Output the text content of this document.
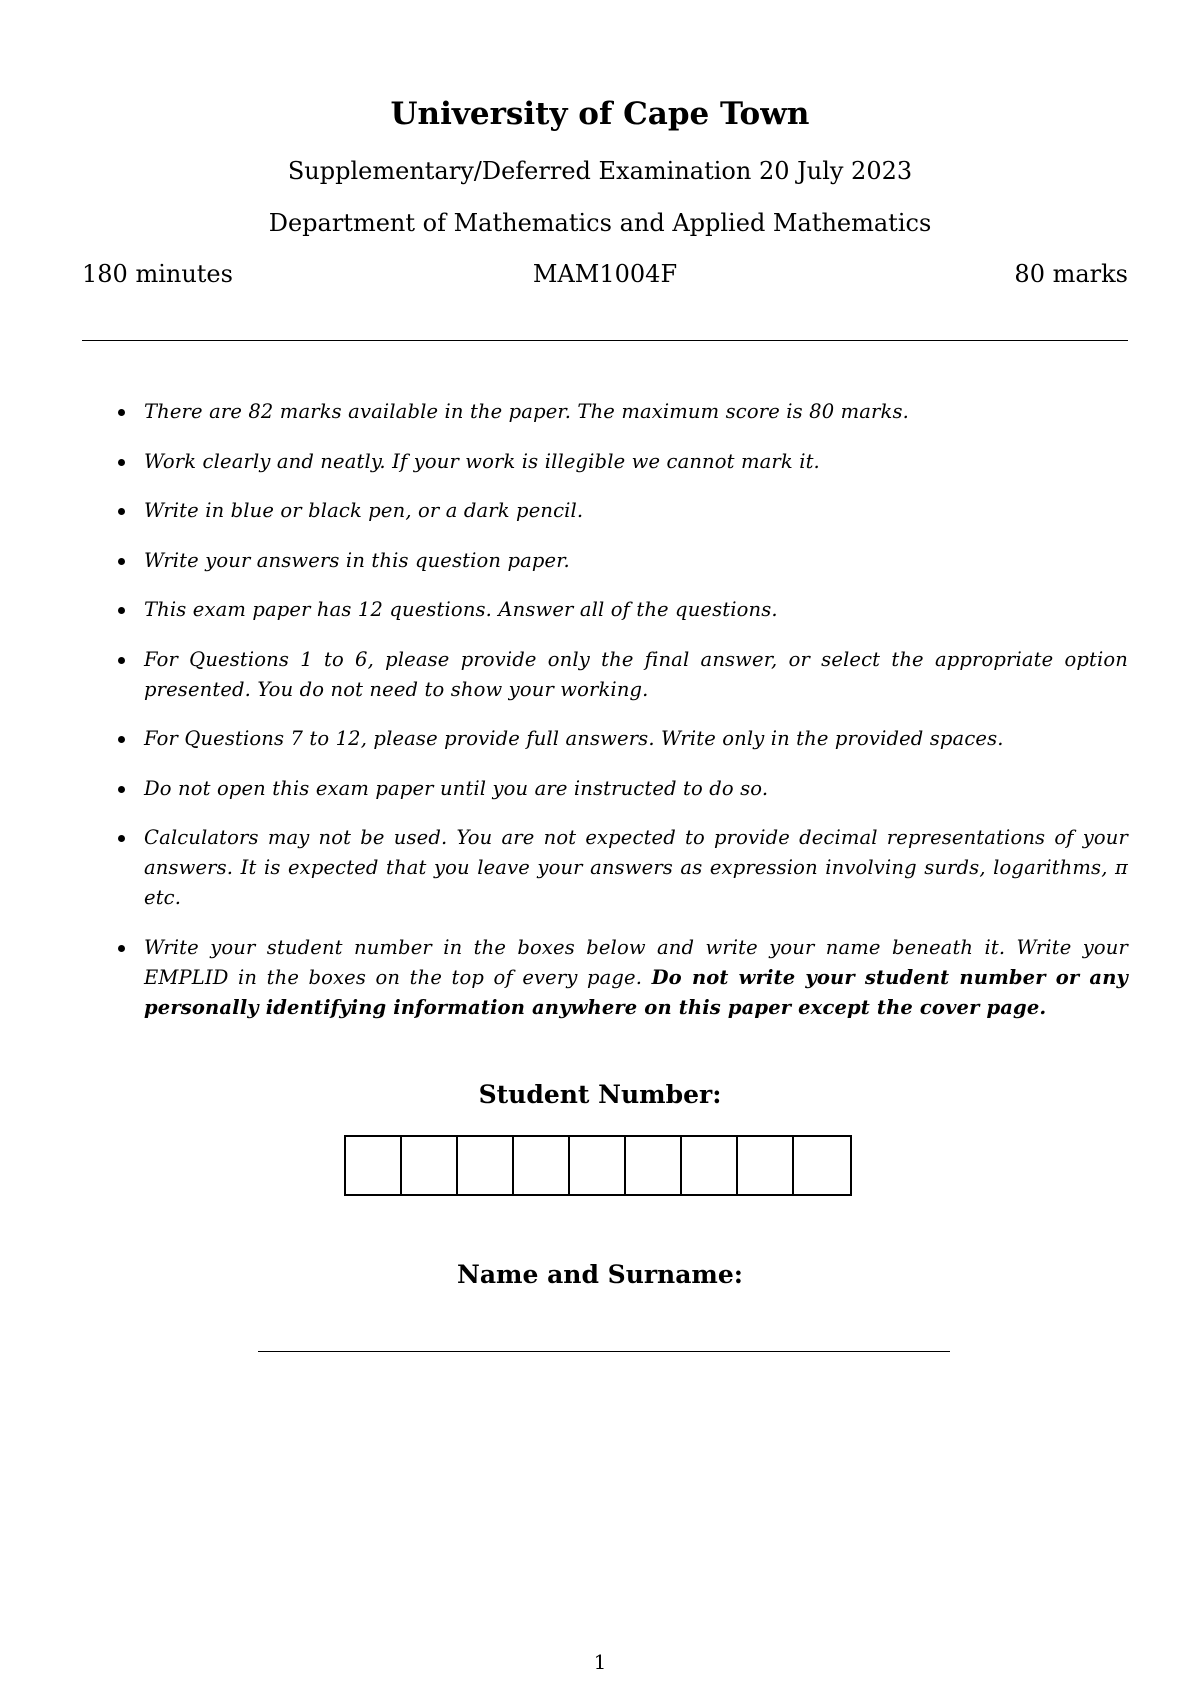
University of Cape Town
Supplementary/Deferred Examination 20 July 2023
Department of Mathematics and Applied Mathematics
MAM1004F
180 minutes	80 marks
There are 82 marks available in the paper. The maximum score is 80 marks.
Work clearly and neatly. If your work is illegible we cannot mark it.
Write in blue or black pen, or a dark pencil.
Write your answers in this question paper.
This exam paper has 12 questions. Answer all of the questions.
For Questions 1 to 6, please provide only the final answer, or select the appropriate option presented. You do not need to show your working.
For Questions 7 to 12, please provide full answers. Write only in the provided spaces.
Do not open this exam paper until you are instructed to do so.
Calculators may not be used. You are not expected to provide decimal representations of your answers. It is expected that you leave your answers as expression involving surds, logarithms, π etc.
Write your student number in the boxes below and write your name beneath it. Write your EMPLID in the boxes on the top of every page. Do not write your student number or any personally identifying information anywhere on this paper except the cover page.
Student Number:
Name and Surname:
1
